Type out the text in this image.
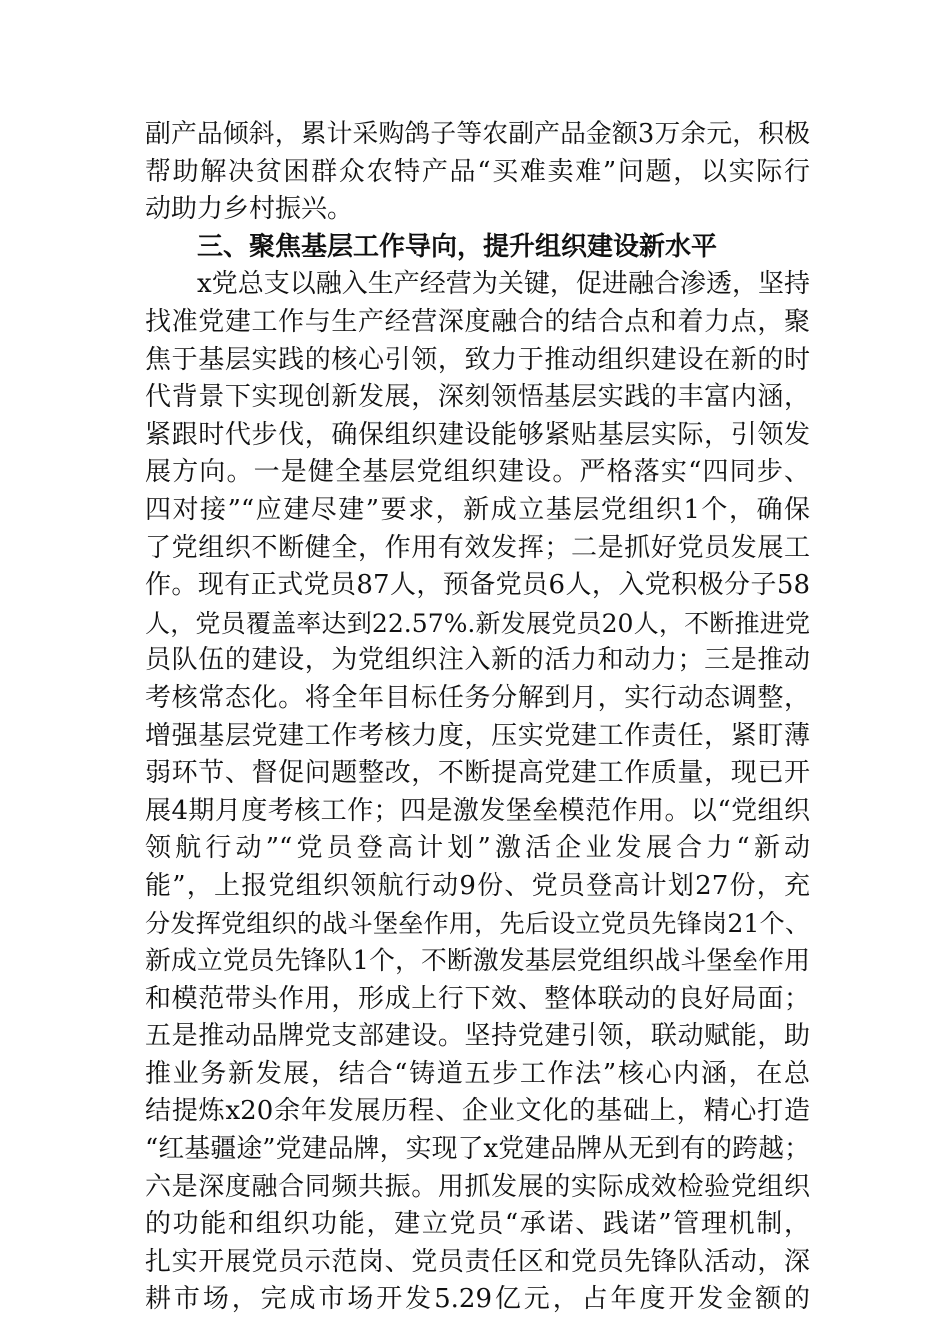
副产品倾斜，累计采购鸽子等农副产品金额3万余元，积极
帮助解决贫困群众农特产品“买难卖难”问题，以实际行
动助力乡村振兴。
三、聚焦基层工作导向，提升组织建设新水平
x党总支以融入生产经营为关键，促进融合渗透，坚持
找准党建工作与生产经营深度融合的结合点和着力点，聚
焦于基层实践的核心引领，致力于推动组织建设在新的时
代背景下实现创新发展，深刻领悟基层实践的丰富内涵，
紧跟时代步伐，确保组织建设能够紧贴基层实际，引领发
展方向。一是健全基层党组织建设。严格落实“四同步、
四对接”“应建尽建”要求，新成立基层党组织1个，确保
了党组织不断健全，作用有效发挥；二是抓好党员发展工
作。现有正式党员87人，预备党员6人，入党积极分子58
人，党员覆盖率达到22.57%.新发展党员20人，不断推进党
员队伍的建设，为党组织注入新的活力和动力；三是推动
考核常态化。将全年目标任务分解到月，实行动态调整，
增强基层党建工作考核力度，压实党建工作责任，紧盯薄
弱环节、督促问题整改，不断提高党建工作质量，现已开
展4期月度考核工作；四是激发堡垒模范作用。以“党组织
领航行动”“党员登高计划”激活企业发展合力“新动
能”，上报党组织领航行动9份、党员登高计划27份，充
分发挥党组织的战斗堡垒作用，先后设立党员先锋岗21个、
新成立党员先锋队1个，不断激发基层党组织战斗堡垒作用
和模范带头作用，形成上行下效、整体联动的良好局面；
五是推动品牌党支部建设。坚持党建引领，联动赋能，助
推业务新发展，结合“铸道五步工作法”核心内涵，在总
结提炼x20余年发展历程、企业文化的基础上，精心打造
“红基疆途”党建品牌，实现了x党建品牌从无到有的跨越；
六是深度融合同频共振。用抓发展的实际成效检验党组织
的功能和组织功能，建立党员“承诺、践诺”管理机制，
扎实开展党员示范岗、党员责任区和党员先锋队活动，深
耕市场，完成市场开发5.29亿元，占年度开发金额的
